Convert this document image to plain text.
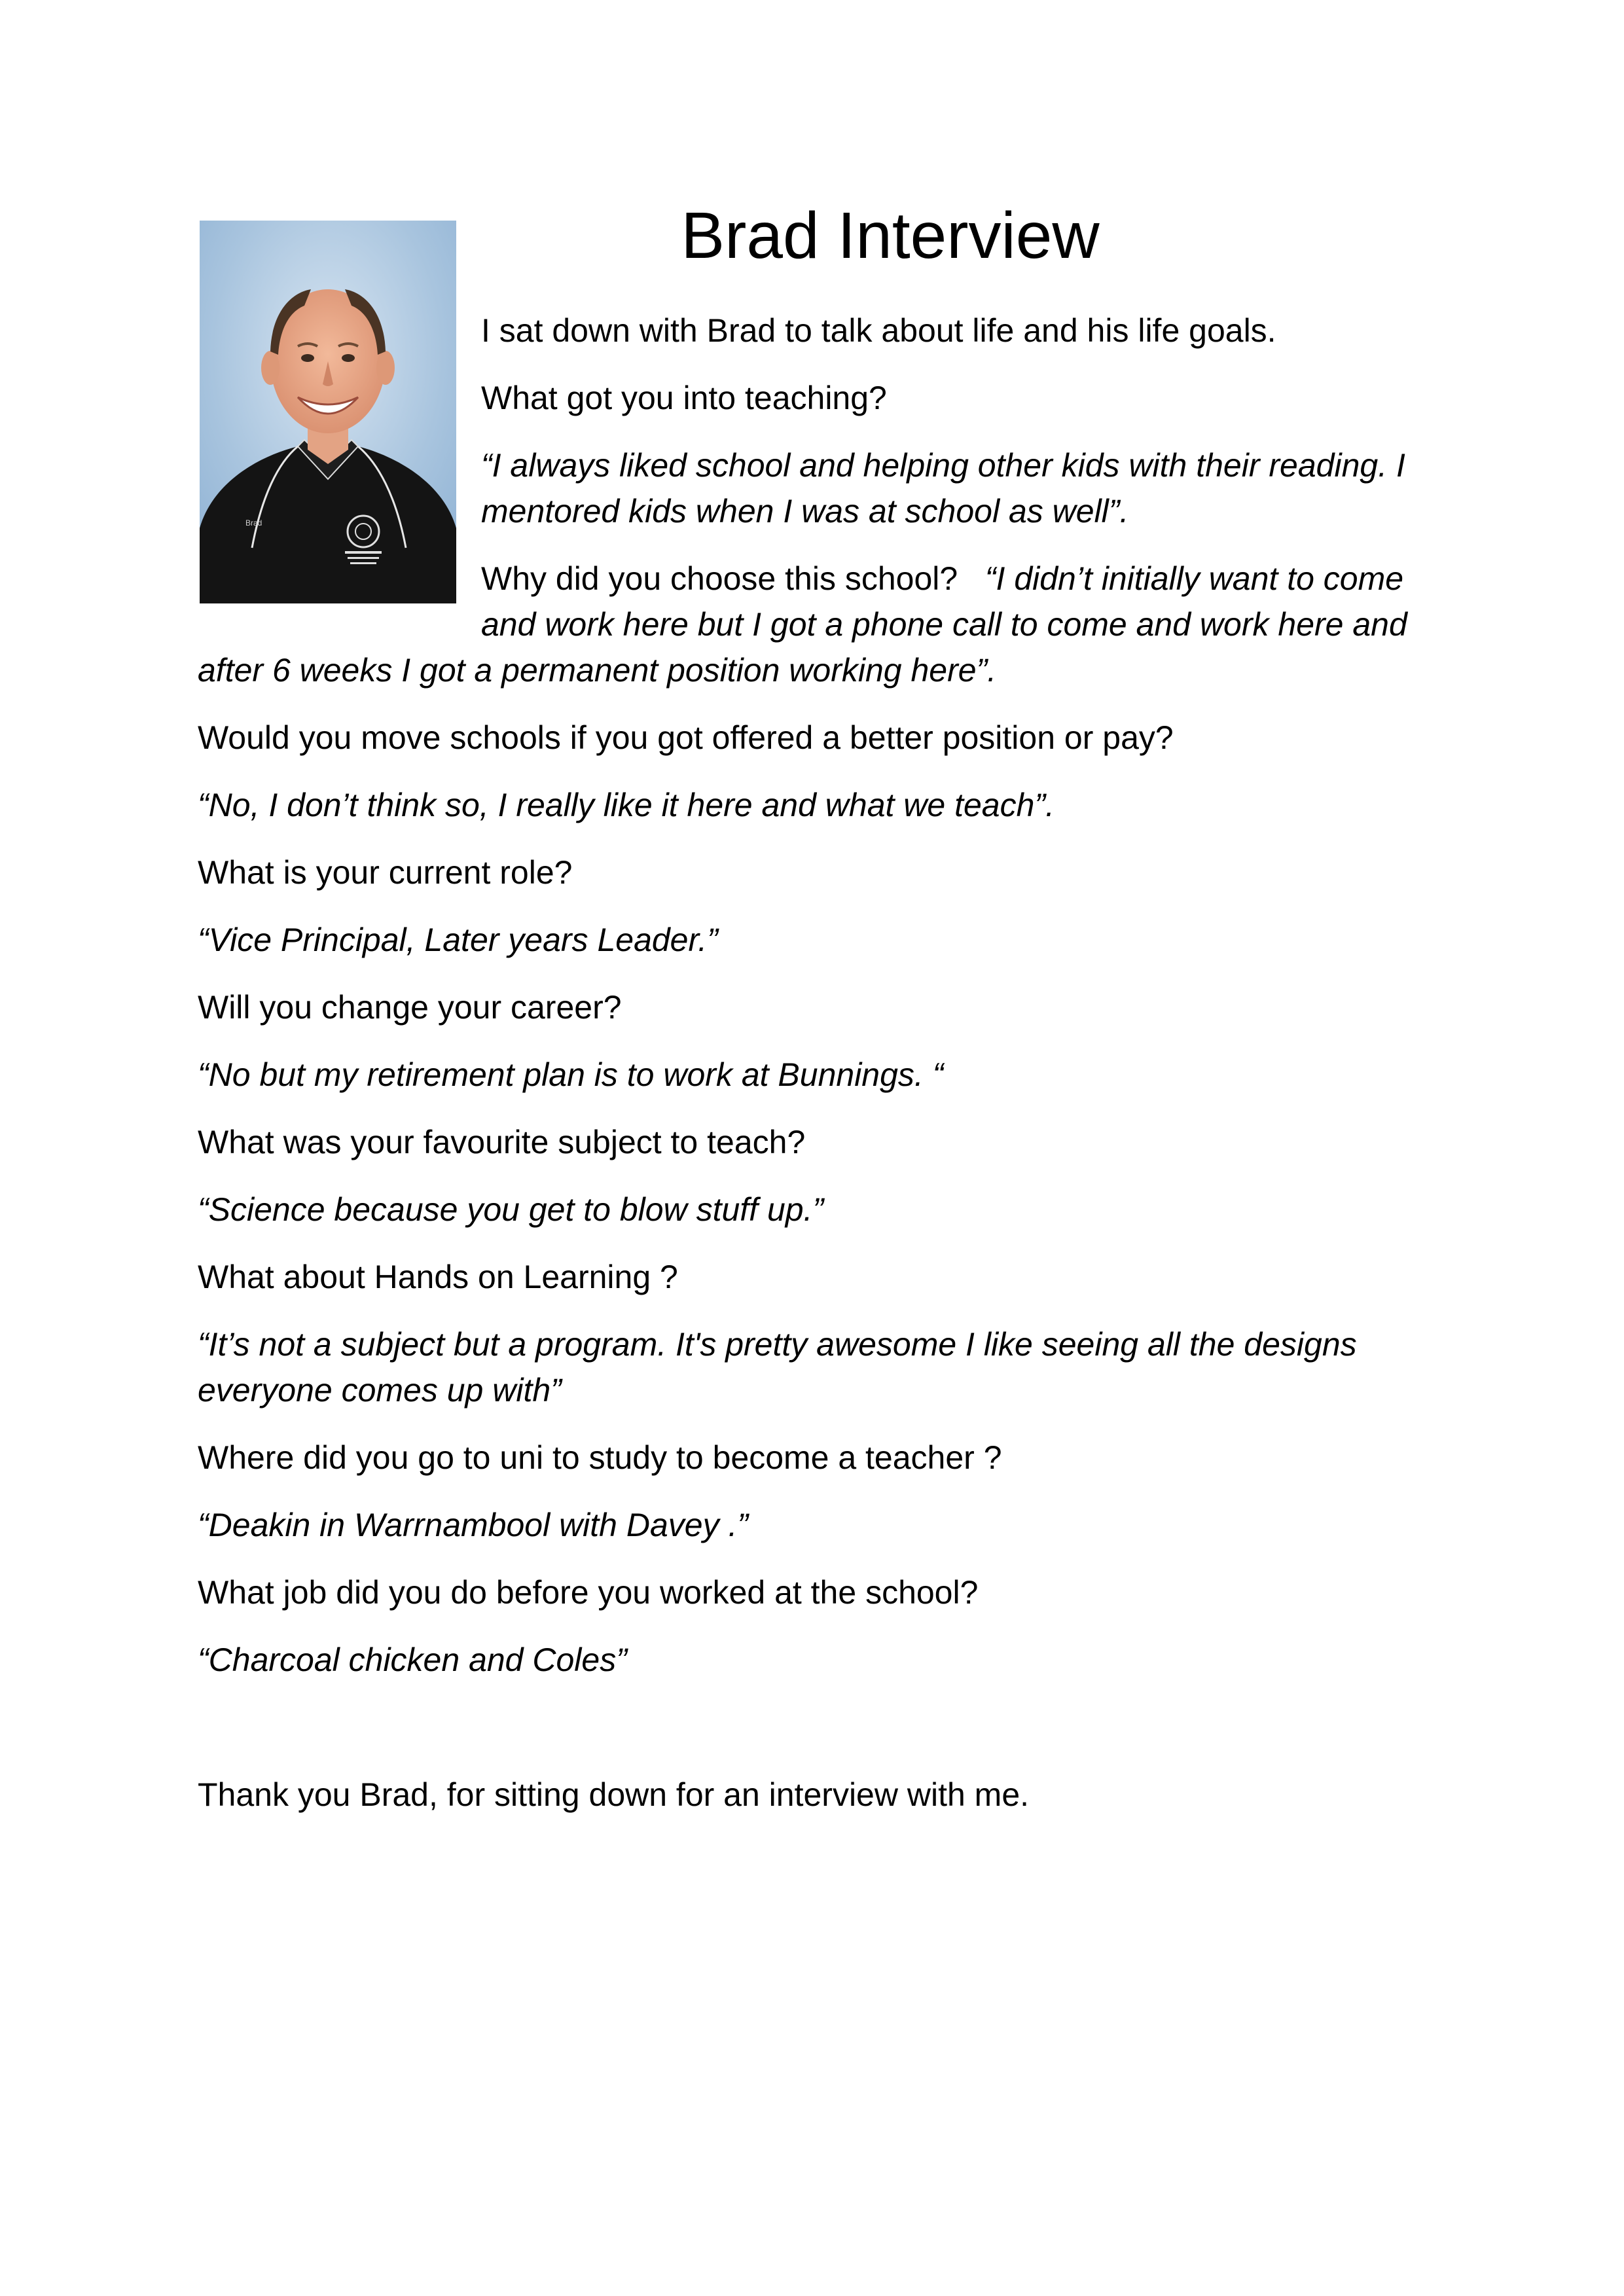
Brad
Brad Interview

I sat down with Brad to talk about life and his life goals.

What got you into teaching?

“I always liked school and helping other kids with their reading. I

mentored kids when I was at school as well”.

Why did you choose this school? “I didn’t initially want to come

and work here but I got a phone call to come and work here and

after 6 weeks I got a permanent position working here”.

Would you move schools if you got offered a better position or pay?

“No, I don’t think so, I really like it here and what we teach”.

What is your current role?

“Vice Principal, Later years Leader.”

Will you change your career?

“No but my retirement plan is to work at Bunnings. “

What was your favourite subject to teach?

“Science because you get to blow stuff up.”

What about Hands on Learning ?

“It’s not a subject but a program. It's pretty awesome I like seeing all the designs

everyone comes up with”

Where did you go to uni to study to become a teacher ?

“Deakin in Warrnambool with Davey .”

What job did you do before you worked at the school?

“Charcoal chicken and Coles”

Thank you Brad, for sitting down for an interview with me.
